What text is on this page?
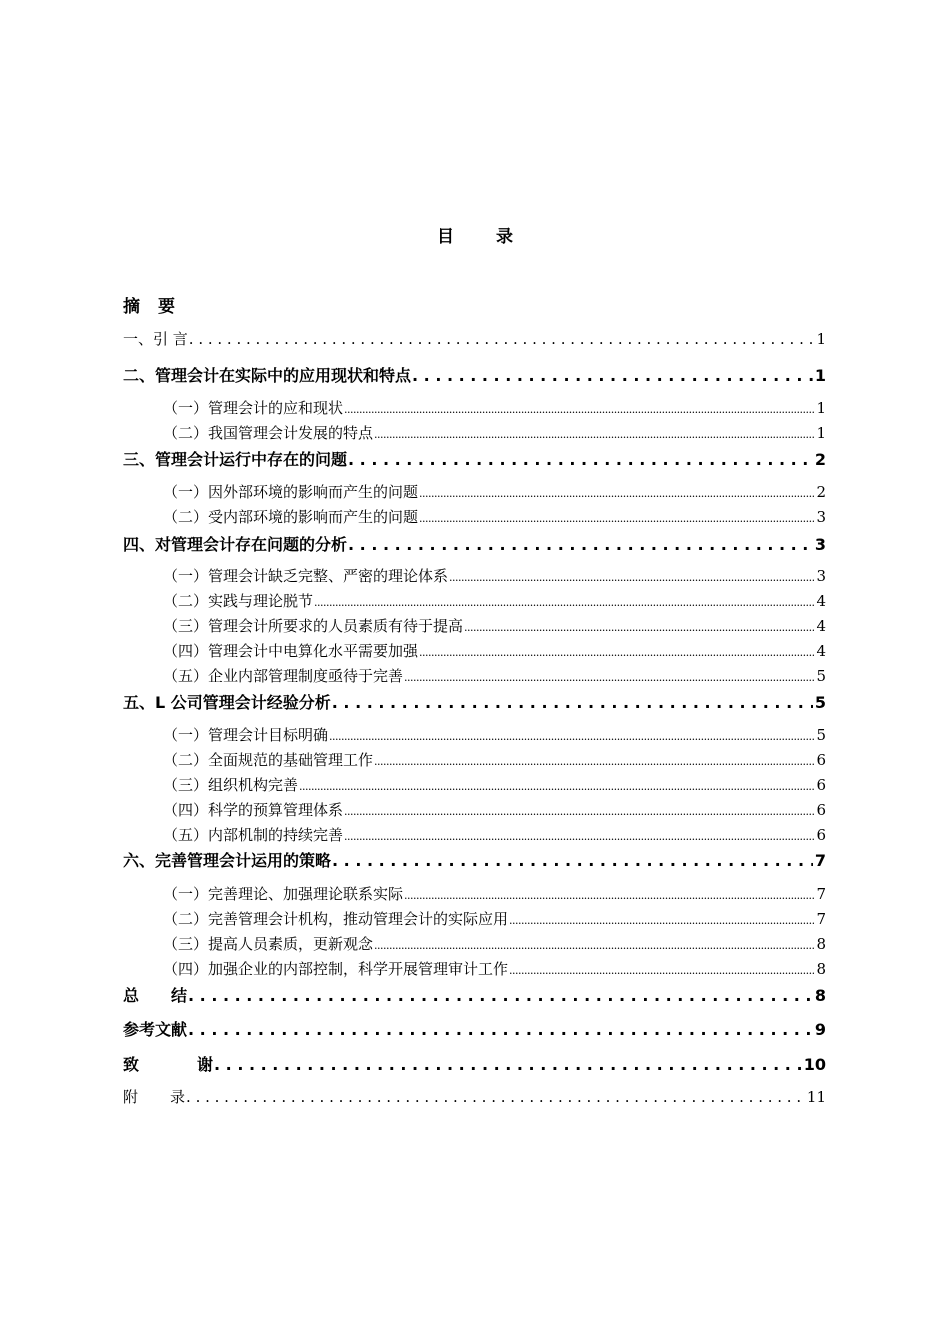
目 录
摘 要
一、引 言 . . .	1
二、管理会计在实际中的应用现状和特点 . . .	1
（一）管理会计的应和现状 .....	1
（二）我国管理会计发展的特点 .....	1
三、管理会计运行中存在的问题 . . .	2
（一）因外部环境的影响而产生的问题 .....	2
（二）受内部环境的影响而产生的问题 .....	3
四、对管理会计存在问题的分析 . . .	3
（一）管理会计缺乏完整、严密的理论体系 .....	3
（二）实践与理论脱节 .....	4
（三）管理会计所要求的人员素质有待于提高 .....	4
（四）管理会计中电算化水平需要加强 .....	4
（五）企业内部管理制度亟待于完善 .....	5
五、L 公司管理会计经验分析 . . .	5
（一）管理会计目标明确 .....	5
（二）全面规范的基础管理工作 .....	6
（三）组织机构完善 .....	6
（四）科学的预算管理体系 .....	6
（五）内部机制的持续完善 .....	6
六、完善管理会计运用的策略 . . .	7
（一）完善理论、加强理论联系实际 .....	7
（二）完善管理会计机构，推动管理会计的实际应用 .....	7
（三）提高人员素质，更新观念 .....	8
（四）加强企业的内部控制，科学开展管理审计工作 .....	8
总 结 . . .	8
参考文献 . . .	9
致	谢 . . .	10
附 录 . . .	11
